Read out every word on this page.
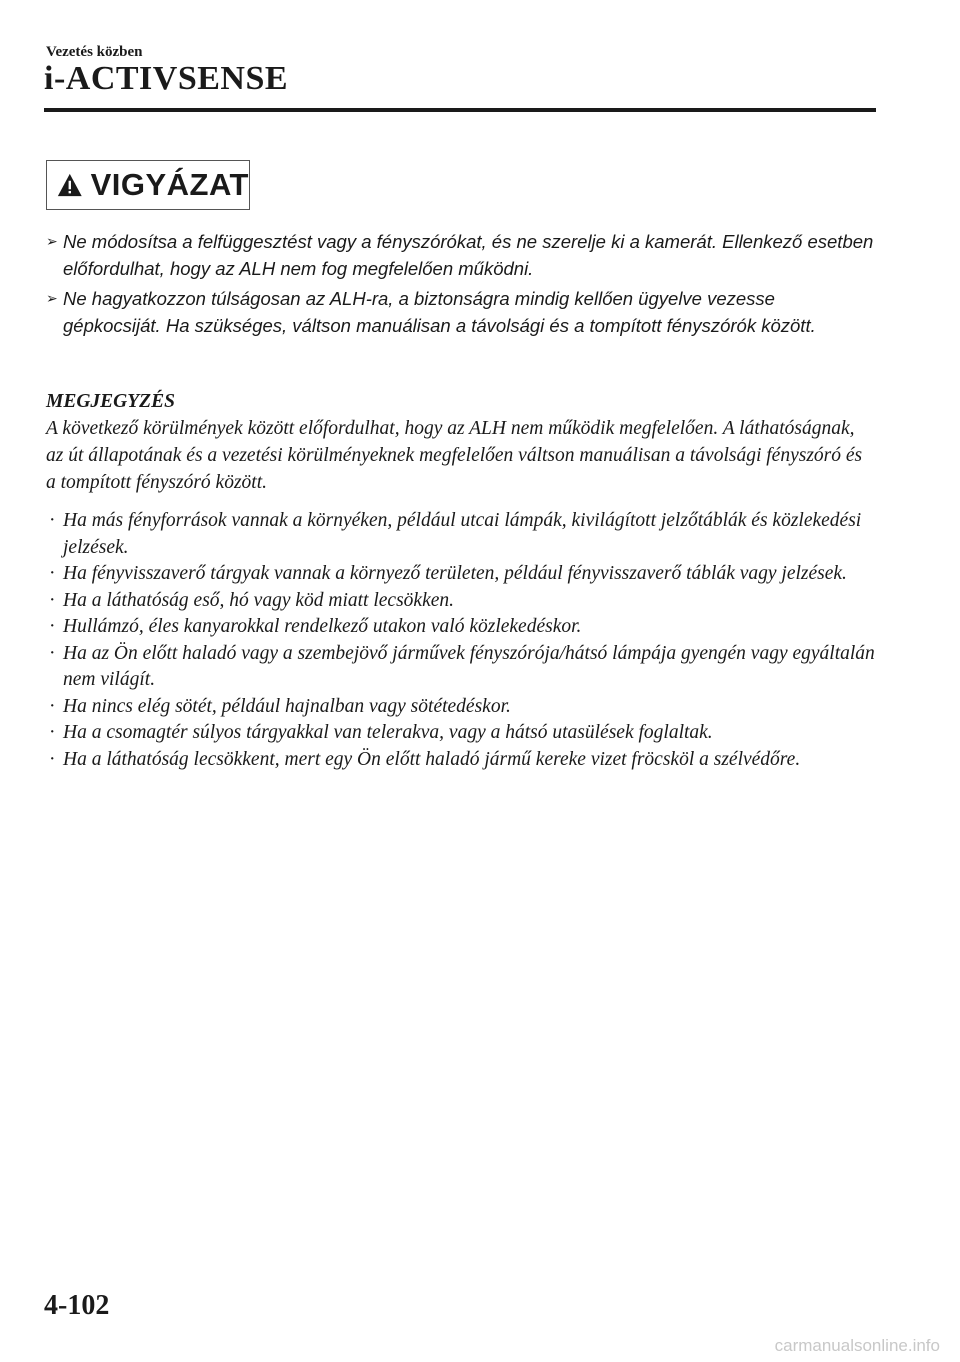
Vezetés közben
i-ACTIVSENSE
VIGYÁZAT
➢ Ne módosítsa a felfüggesztést vagy a fényszórókat, és ne szerelje ki a kamerát. Ellenkező esetben előfordulhat, hogy az ALH nem fog megfelelően működni.
➢ Ne hagyatkozzon túlságosan az ALH-ra, a biztonságra mindig kellően ügyelve vezesse gépkocsiját. Ha szükséges, váltson manuálisan a távolsági és a tompított fényszórók között.
MEGJEGYZÉS
A következő körülmények között előfordulhat, hogy az ALH nem működik megfelelően. A láthatóságnak, az út állapotának és a vezetési körülményeknek megfelelően váltson manuálisan a távolsági fényszóró és a tompított fényszóró között.
· Ha más fényforrások vannak a környéken, például utcai lámpák, kivilágított jelzőtáblák és közlekedési jelzések.
· Ha fényvisszaverő tárgyak vannak a környező területen, például fényvisszaverő táblák vagy jelzések.
· Ha a láthatóság eső, hó vagy köd miatt lecsökken.
· Hullámzó, éles kanyarokkal rendelkező utakon való közlekedéskor.
· Ha az Ön előtt haladó vagy a szembejövő járművek fényszórója/hátsó lámpája gyengén vagy egyáltalán nem világít.
· Ha nincs elég sötét, például hajnalban vagy sötétedéskor.
· Ha a csomagtér súlyos tárgyakkal van telerakva, vagy a hátsó utasülések foglaltak.
· Ha a láthatóság lecsökkent, mert egy Ön előtt haladó jármű kereke vizet fröcsköl a szélvédőre.
4-102
carmanualsonline.info
